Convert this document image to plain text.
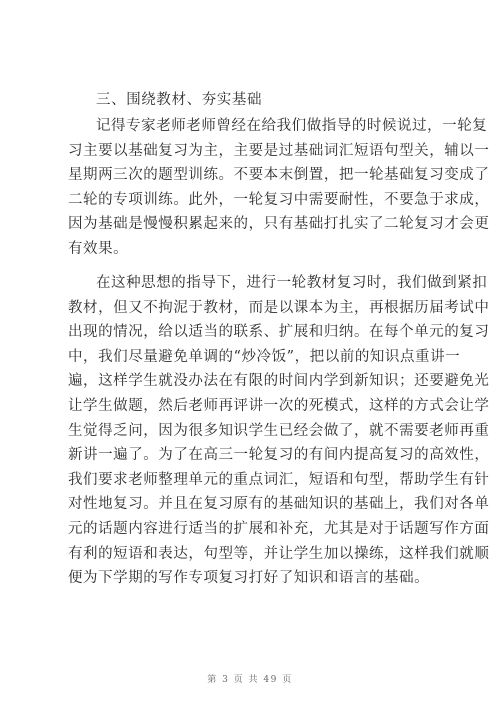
三、围绕教材、夯实基础
记得专家老师老师曾经在给我们做指导的时候说过，一轮复
习主要以基础复习为主，主要是过基础词汇短语句型关，辅以一
星期两三次的题型训练。不要本末倒置，把一轮基础复习变成了
二轮的专项训练。此外，一轮复习中需要耐性，不要急于求成，
因为基础是慢慢积累起来的，只有基础打扎实了二轮复习才会更
有效果。
在这种思想的指导下，进行一轮教材复习时，我们做到紧扣
教材，但又不拘泥于教材，而是以课本为主，再根据历届考试中
出现的情况，给以适当的联系、扩展和归纳。在每个单元的复习
中，我们尽量避免单调的“炒冷饭”，把以前的知识点重讲一
遍，这样学生就没办法在有限的时间内学到新知识；还要避免光
让学生做题，然后老师再评讲一次的死模式，这样的方式会让学
生觉得乏问，因为很多知识学生已经会做了，就不需要老师再重
新讲一遍了。为了在高三一轮复习的有间内提高复习的高效性，
我们要求老师整理单元的重点词汇，短语和句型，帮助学生有针
对性地复习。并且在复习原有的基础知识的基础上，我们对各单
元的话题内容进行适当的扩展和补充，尤其是对于话题写作方面
有利的短语和表达，句型等，并让学生加以操练，这样我们就顺
便为下学期的写作专项复习打好了知识和语言的基础。
第 3 页 共 49 页
